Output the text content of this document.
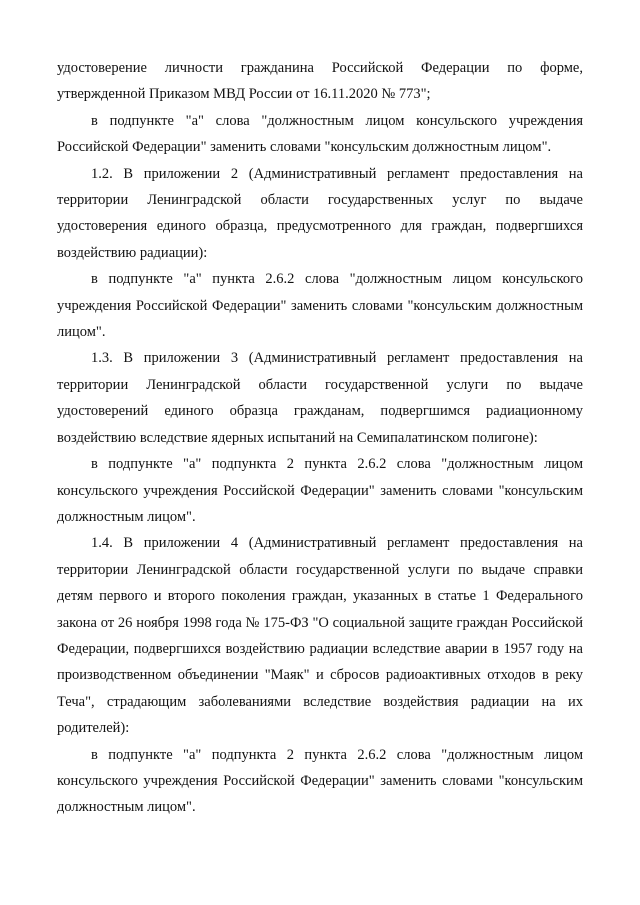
удостоверение личности гражданина Российской Федерации по форме, утвержденной Приказом МВД России от 16.11.2020 № 773";

в подпункте "а" слова "должностным лицом консульского учреждения Российской Федерации" заменить словами "консульским должностным лицом".

1.2. В приложении 2 (Административный регламент предоставления на территории Ленинградской области государственных услуг по выдаче удостоверения единого образца, предусмотренного для граждан, подвергшихся воздействию радиации):

в подпункте "а" пункта 2.6.2 слова "должностным лицом консульского учреждения Российской Федерации" заменить словами "консульским должностным лицом".

1.3. В приложении 3 (Административный регламент предоставления на территории Ленинградской области государственной услуги по выдаче удостоверений единого образца гражданам, подвергшимся радиационному воздействию вследствие ядерных испытаний на Семипалатинском полигоне):

в подпункте "а" подпункта 2 пункта 2.6.2 слова "должностным лицом консульского учреждения Российской Федерации" заменить словами "консульским должностным лицом".

1.4. В приложении 4 (Административный регламент предоставления на территории Ленинградской области государственной услуги по выдаче справки детям первого и второго поколения граждан, указанных в статье 1 Федерального закона от 26 ноября 1998 года № 175-ФЗ "О социальной защите граждан Российской Федерации, подвергшихся воздействию радиации вследствие аварии в 1957 году на производственном объединении "Маяк" и сбросов радиоактивных отходов в реку Теча", страдающим заболеваниями вследствие воздействия радиации на их родителей):

в подпункте "а" подпункта 2 пункта 2.6.2 слова "должностным лицом консульского учреждения Российской Федерации" заменить словами "консульским должностным лицом".
